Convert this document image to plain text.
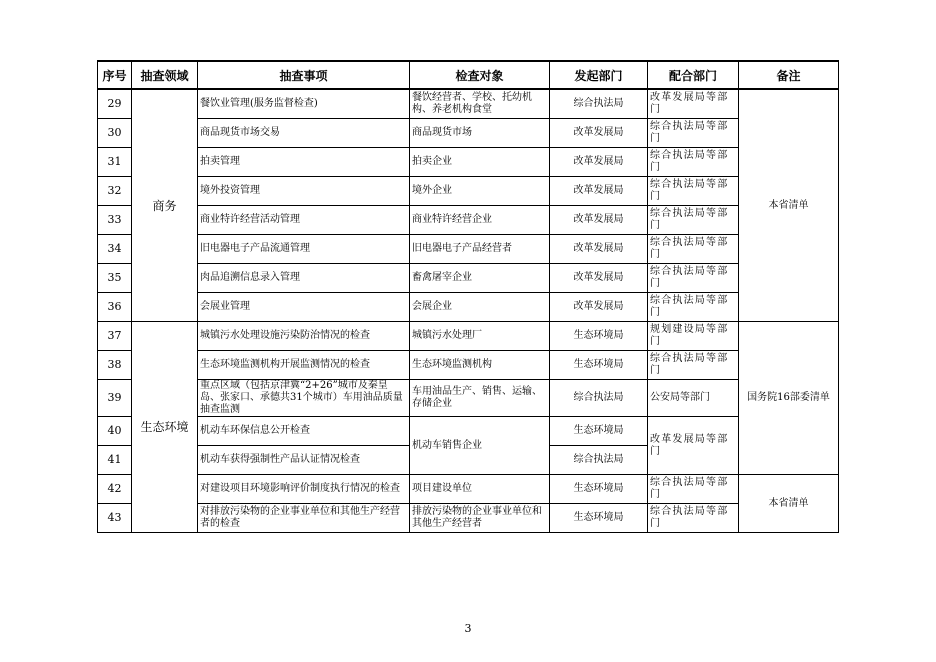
序号	抽查领域	抽查事项	检查对象	发起部门	配合部门	备注
29	商务	餐饮业管理(服务监督检查)	餐饮经营者、学校、托幼机构、养老机构食堂	综合执法局	改革发展局等部门	本省清单
30		商品现货市场交易	商品现货市场	改革发展局	综合执法局等部门	
31		拍卖管理	拍卖企业	改革发展局	综合执法局等部门	
32		境外投资管理	境外企业	改革发展局	综合执法局等部门	
33		商业特许经营活动管理	商业特许经营企业	改革发展局	综合执法局等部门	
34		旧电器电子产品流通管理	旧电器电子产品经营者	改革发展局	综合执法局等部门	
35		肉品追溯信息录入管理	畜禽屠宰企业	改革发展局	综合执法局等部门	
36		会展业管理	会展企业	改革发展局	综合执法局等部门	
37	生态环境	城镇污水处理设施污染防治情况的检查	城镇污水处理厂	生态环境局	规划建设局等部门	国务院16部委清单
38		生态环境监测机构开展监测情况的检查	生态环境监测机构	生态环境局	综合执法局等部门	
39		重点区域（包括京津冀“2+26”城市及秦皇岛、张家口、承德共31个城市）车用油品质量抽查监测	车用油品生产、销售、运输、存储企业	综合执法局	公安局等部门	
40		机动车环保信息公开检查	机动车销售企业	生态环境局	改革发展局等部门	
41		机动车获得强制性产品认证情况检查		综合执法局		
42		对建设项目环境影响评价制度执行情况的检查	项目建设单位	生态环境局	综合执法局等部门	本省清单
43		对排放污染物的企业事业单位和其他生产经营者的检查	排放污染物的企业事业单位和其他生产经营者	生态环境局	综合执法局等部门	
3
